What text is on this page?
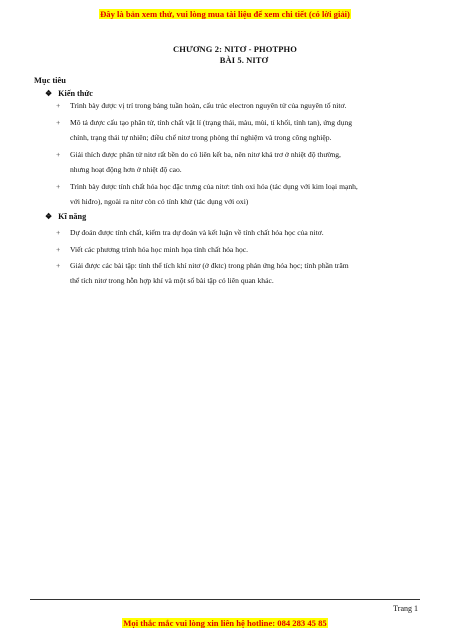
Đây là bản xem thử, vui lòng mua tài liệu để xem chi tiết (có lời giải)
CHƯƠNG 2: NITƠ - PHOTPHO
BÀI 5. NITƠ
Mục tiêu
❖ Kiến thức
+	Trình bày được vị trí trong bảng tuần hoàn, cấu trúc electron nguyên tử của nguyên tố nitơ.
+	Mô tả được cấu tạo phân tử, tính chất vật lí (trạng thái, màu, mùi, tỉ khối, tính tan), ứng dụng
chính, trạng thái tự nhiên; điều chế nitơ trong phòng thí nghiệm và trong công nghiệp.
+	Giải thích được phân tử nitơ rất bền do có liên kết ba, nên nitơ khá trơ ở nhiệt độ thường,
nhưng hoạt động hơn ở nhiệt độ cao.
+	Trình bày được tính chất hóa học đặc trưng của nitơ: tính oxi hóa (tác dụng với kim loại mạnh,
với hiđro), ngoài ra nitơ còn có tính khử (tác dụng với oxi)
❖ Kĩ năng
+	Dự đoán được tính chất, kiểm tra dự đoán và kết luận về tính chất hóa học của nitơ.
+	Viết các phương trình hóa học minh họa tính chất hóa học.
+	Giải được các bài tập: tính thể tích khí nitơ (ở đktc) trong phản ứng hóa học; tính phần trăm
thể tích nitơ trong hỗn hợp khí và một số bài tập có liên quan khác.
Trang 1
Mọi thắc mắc vui lòng xin liên hệ hotline: 084 283 45 85
